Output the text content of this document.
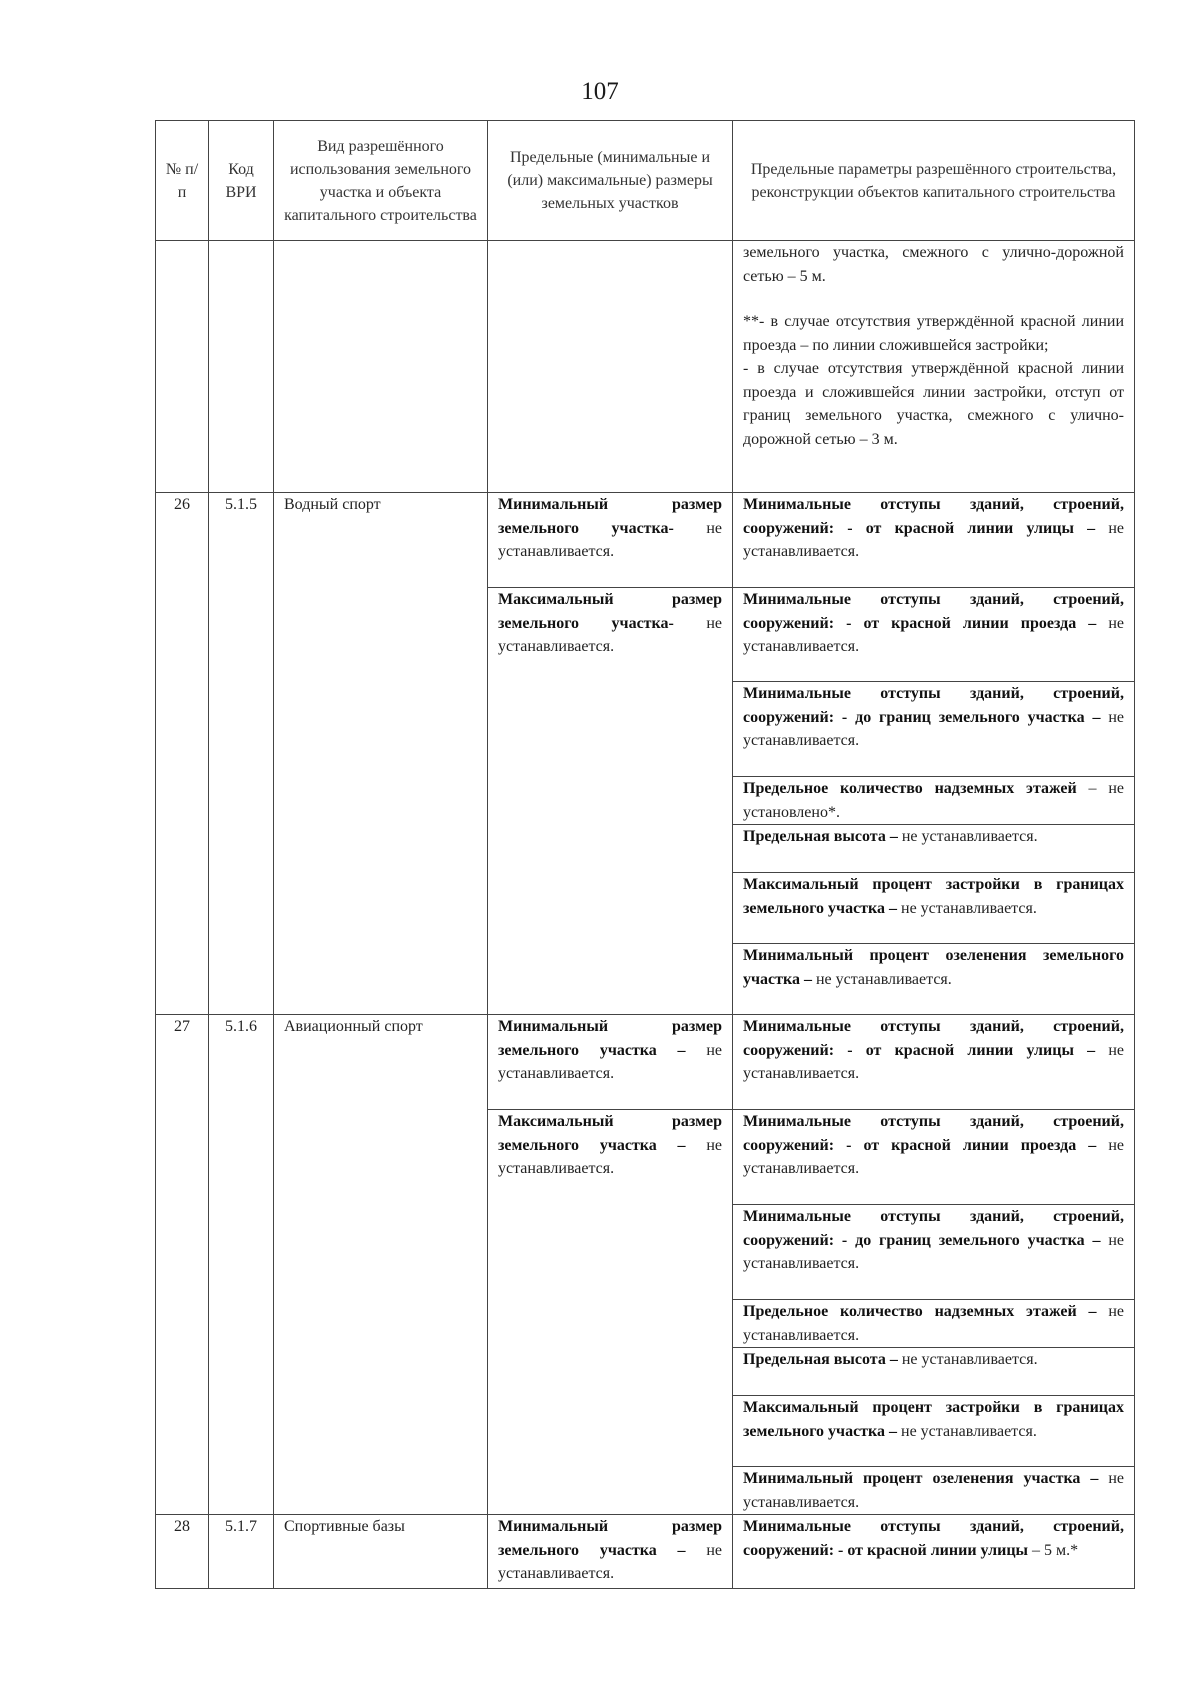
107
№ п/п	Код ВРИ	Вид разрешённого использования земельного участка и объекта капитального строительства	Предельные (минимальные и (или) максимальные) размеры земельных участков	Предельные параметры разрешённого строительства, реконструкции объектов капитального строительства

				земельного участка, смежного с улично-дорожной сетью – 5 м.
**- в случае отсутствия утверждённой красной линии проезда – по линии сложившейся застройки;
- в случае отсутствия утверждённой красной линии проезда и сложившейся линии застройки, отступ от границ земельного участка, смежного с улично-дорожной сетью – 3 м.

26	5.1.5	Водный спорт	Минимальный размер земельного участка- не устанавливается.	Минимальные отступы зданий, строений, сооружений: - от красной линии улицы – не устанавливается.
			Максимальный размер земельного участка- не устанавливается.	Минимальные отступы зданий, строений, сооружений: - от красной линии проезда – не устанавливается.
				Минимальные отступы зданий, строений, сооружений: - до границ земельного участка – не устанавливается.
				Предельное количество надземных этажей – не установлено*.
				Предельная высота – не устанавливается.
				Максимальный процент застройки в границах земельного участка – не устанавливается.
				Минимальный процент озеленения земельного участка – не устанавливается.
27	5.1.6	Авиационный спорт	Минимальный размер земельного участка – не устанавливается.	Минимальные отступы зданий, строений, сооружений: - от красной линии улицы – не устанавливается.
			Максимальный размер земельного участка – не устанавливается.	Минимальные отступы зданий, строений, сооружений: - от красной линии проезда – не устанавливается.
				Минимальные отступы зданий, строений, сооружений: - до границ земельного участка – не устанавливается.
				Предельное количество надземных этажей – не устанавливается.
				Предельная высота – не устанавливается.
				Максимальный процент застройки в границах земельного участка – не устанавливается.
				Минимальный процент озеленения участка – не устанавливается.
28	5.1.7	Спортивные базы	Минимальный размер земельного участка – не устанавливается.	Минимальные отступы зданий, строений, сооружений: - от красной линии улицы – 5 м.*
